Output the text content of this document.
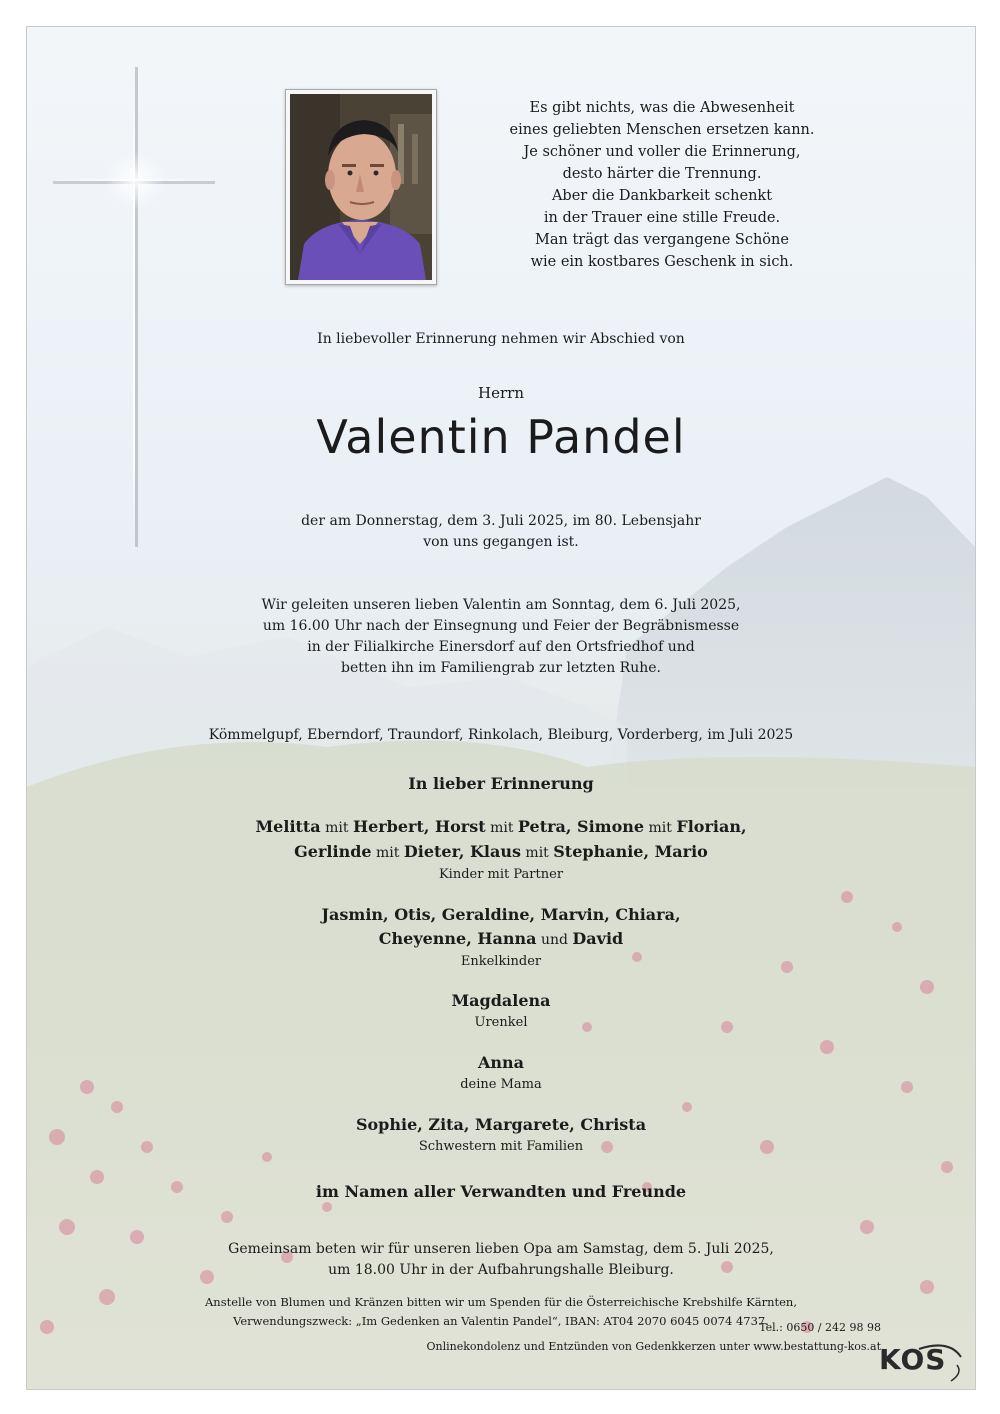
Es gibt nichts, was die Abwesenheit
eines geliebten Menschen ersetzen kann.
Je schöner und voller die Erinnerung,
desto härter die Trennung.
Aber die Dankbarkeit schenkt
in der Trauer eine stille Freude.
Man trägt das vergangene Schöne
wie ein kostbares Geschenk in sich.
In liebevoller Erinnerung nehmen wir Abschied von
Herrn
Valentin Pandel
der am Donnerstag, dem 3. Juli 2025, im 80. Lebensjahr
von uns gegangen ist.
Wir geleiten unseren lieben Valentin am Sonntag, dem 6. Juli 2025,
um 16.00 Uhr nach der Einsegnung und Feier der Begräbnismesse
in der Filialkirche Einersdorf auf den Ortsfriedhof und
betten ihn im Familiengrab zur letzten Ruhe.
Kömmelgupf, Eberndorf, Traundorf, Rinkolach, Bleiburg, Vorderberg, im Juli 2025
In lieber Erinnerung
Melitta mit Herbert, Horst mit Petra, Simone mit Florian,
Gerlinde mit Dieter, Klaus mit Stephanie, Mario
Kinder mit Partner
Jasmin, Otis, Geraldine, Marvin, Chiara,
Cheyenne, Hanna und David
Enkelkinder
Magdalena
Urenkel
Anna
deine Mama
Sophie, Zita, Margarete, Christa
Schwestern mit Familien
im Namen aller Verwandten und Freunde
Gemeinsam beten wir für unseren lieben Opa am Samstag, dem 5. Juli 2025,
um 18.00 Uhr in der Aufbahrungshalle Bleiburg.
Anstelle von Blumen und Kränzen bitten wir um Spenden für die Österreichische Krebshilfe Kärnten,
Verwendungszweck: „Im Gedenken an Valentin Pandel“, IBAN: AT04 2070 6045 0074 4737.
Tel.: 0650 / 242 98 98
Onlinekondolenz und Entzünden von Gedenkkerzen unter www.bestattung-kos.at
KOS
